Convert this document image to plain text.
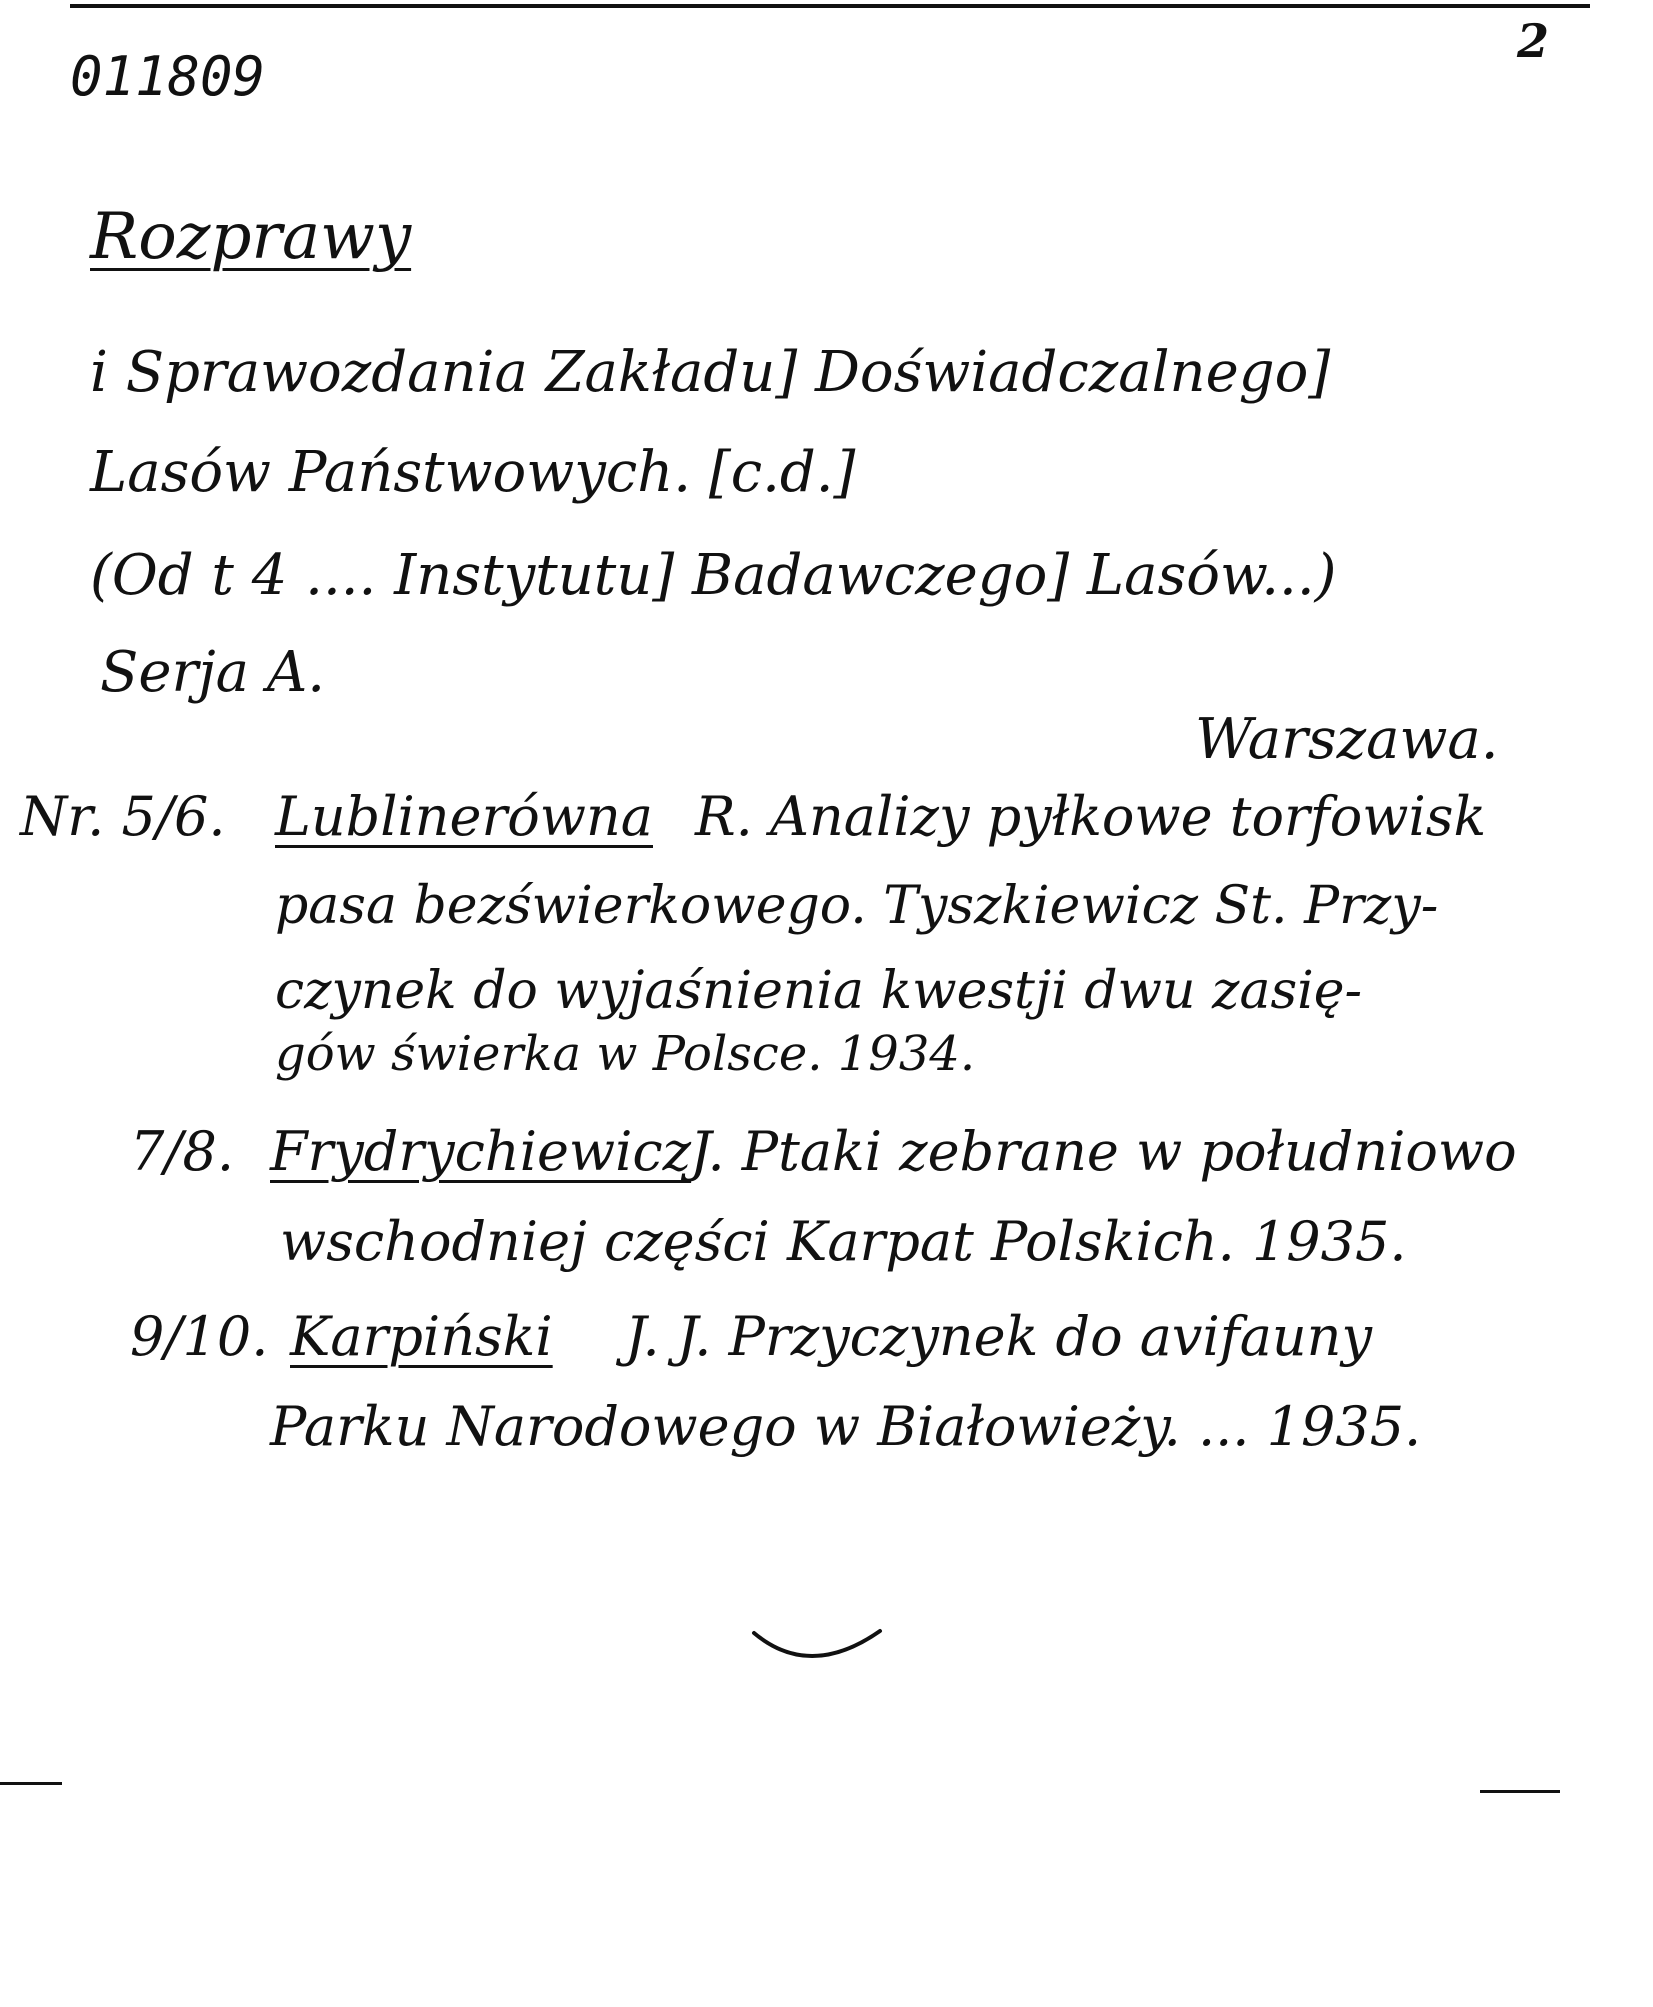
011809
2
Rozprawy
i Sprawozdania Zakładu] Doświadczalnego]
Lasów Państwowych. [c.d.]
(Od t 4 .... Instytutu] Badawczego] Lasów...)
Serja A.
Warszawa.
Nr. 5/6. Lublinerówna R. Analizy pyłkowe torfowisk
pasa bezświerkowego. Tyszkiewicz St. Przy-
czynek do wyjaśnienia kwestji dwu zasię-
gów świerka w Polsce. 1934.
7/8. Frydrychiewicz
J. Ptaki zebrane w południowo
wschodniej części Karpat Polskich. 1935.
9/10. Karpiński J. J. Przyczynek do avifauny
Parku Narodowego w Białowieży. ... 1935.
